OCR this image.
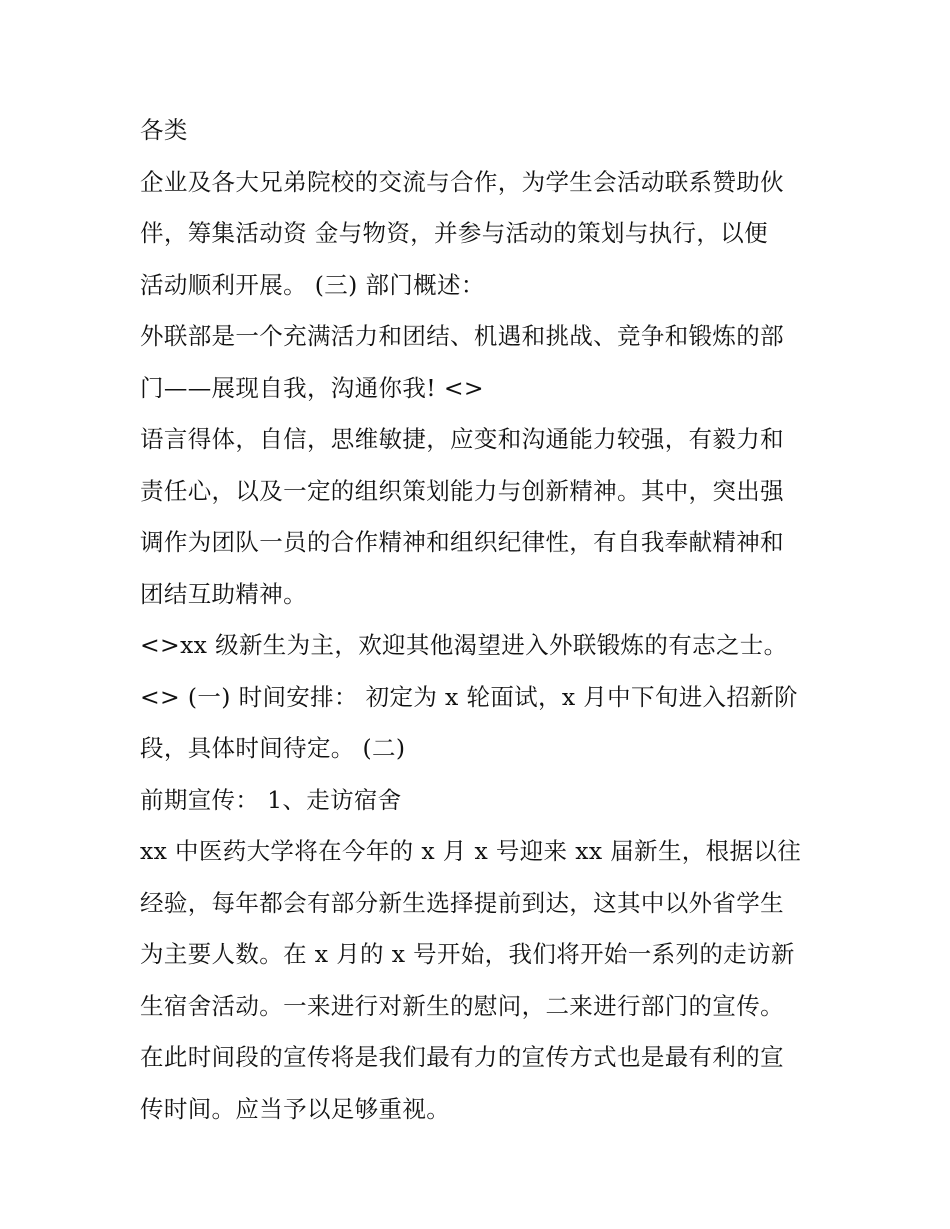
各类
企业及各大兄弟院校的交流与合作，为学生会活动联系赞助伙
伴，筹集活动资 金与物资，并参与活动的策划与执行，以便
活动顺利开展。 (三) 部门概述：
外联部是一个充满活力和团结、机遇和挑战、竞争和锻炼的部
门——展现自我，沟通你我! <>
语言得体，自信，思维敏捷，应变和沟通能力较强，有毅力和
责任心，以及一定的组织策划能力与创新精神。其中，突出强
调作为团队一员的合作精神和组织纪律性，有自我奉献精神和
团结互助精神。
<>xx 级新生为主，欢迎其他渴望进入外联锻炼的有志之士。
<> (一) 时间安排： 初定为 x 轮面试，x 月中下旬进入招新阶
段，具体时间待定。 (二)
前期宣传： 1、走访宿舍
xx 中医药大学将在今年的 x 月 x 号迎来 xx 届新生，根据以往
经验，每年都会有部分新生选择提前到达，这其中以外省学生
为主要人数。在 x 月的 x 号开始，我们将开始一系列的走访新
生宿舍活动。一来进行对新生的慰问，二来进行部门的宣传。
在此时间段的宣传将是我们最有力的宣传方式也是最有利的宣
传时间。应当予以足够重视。
